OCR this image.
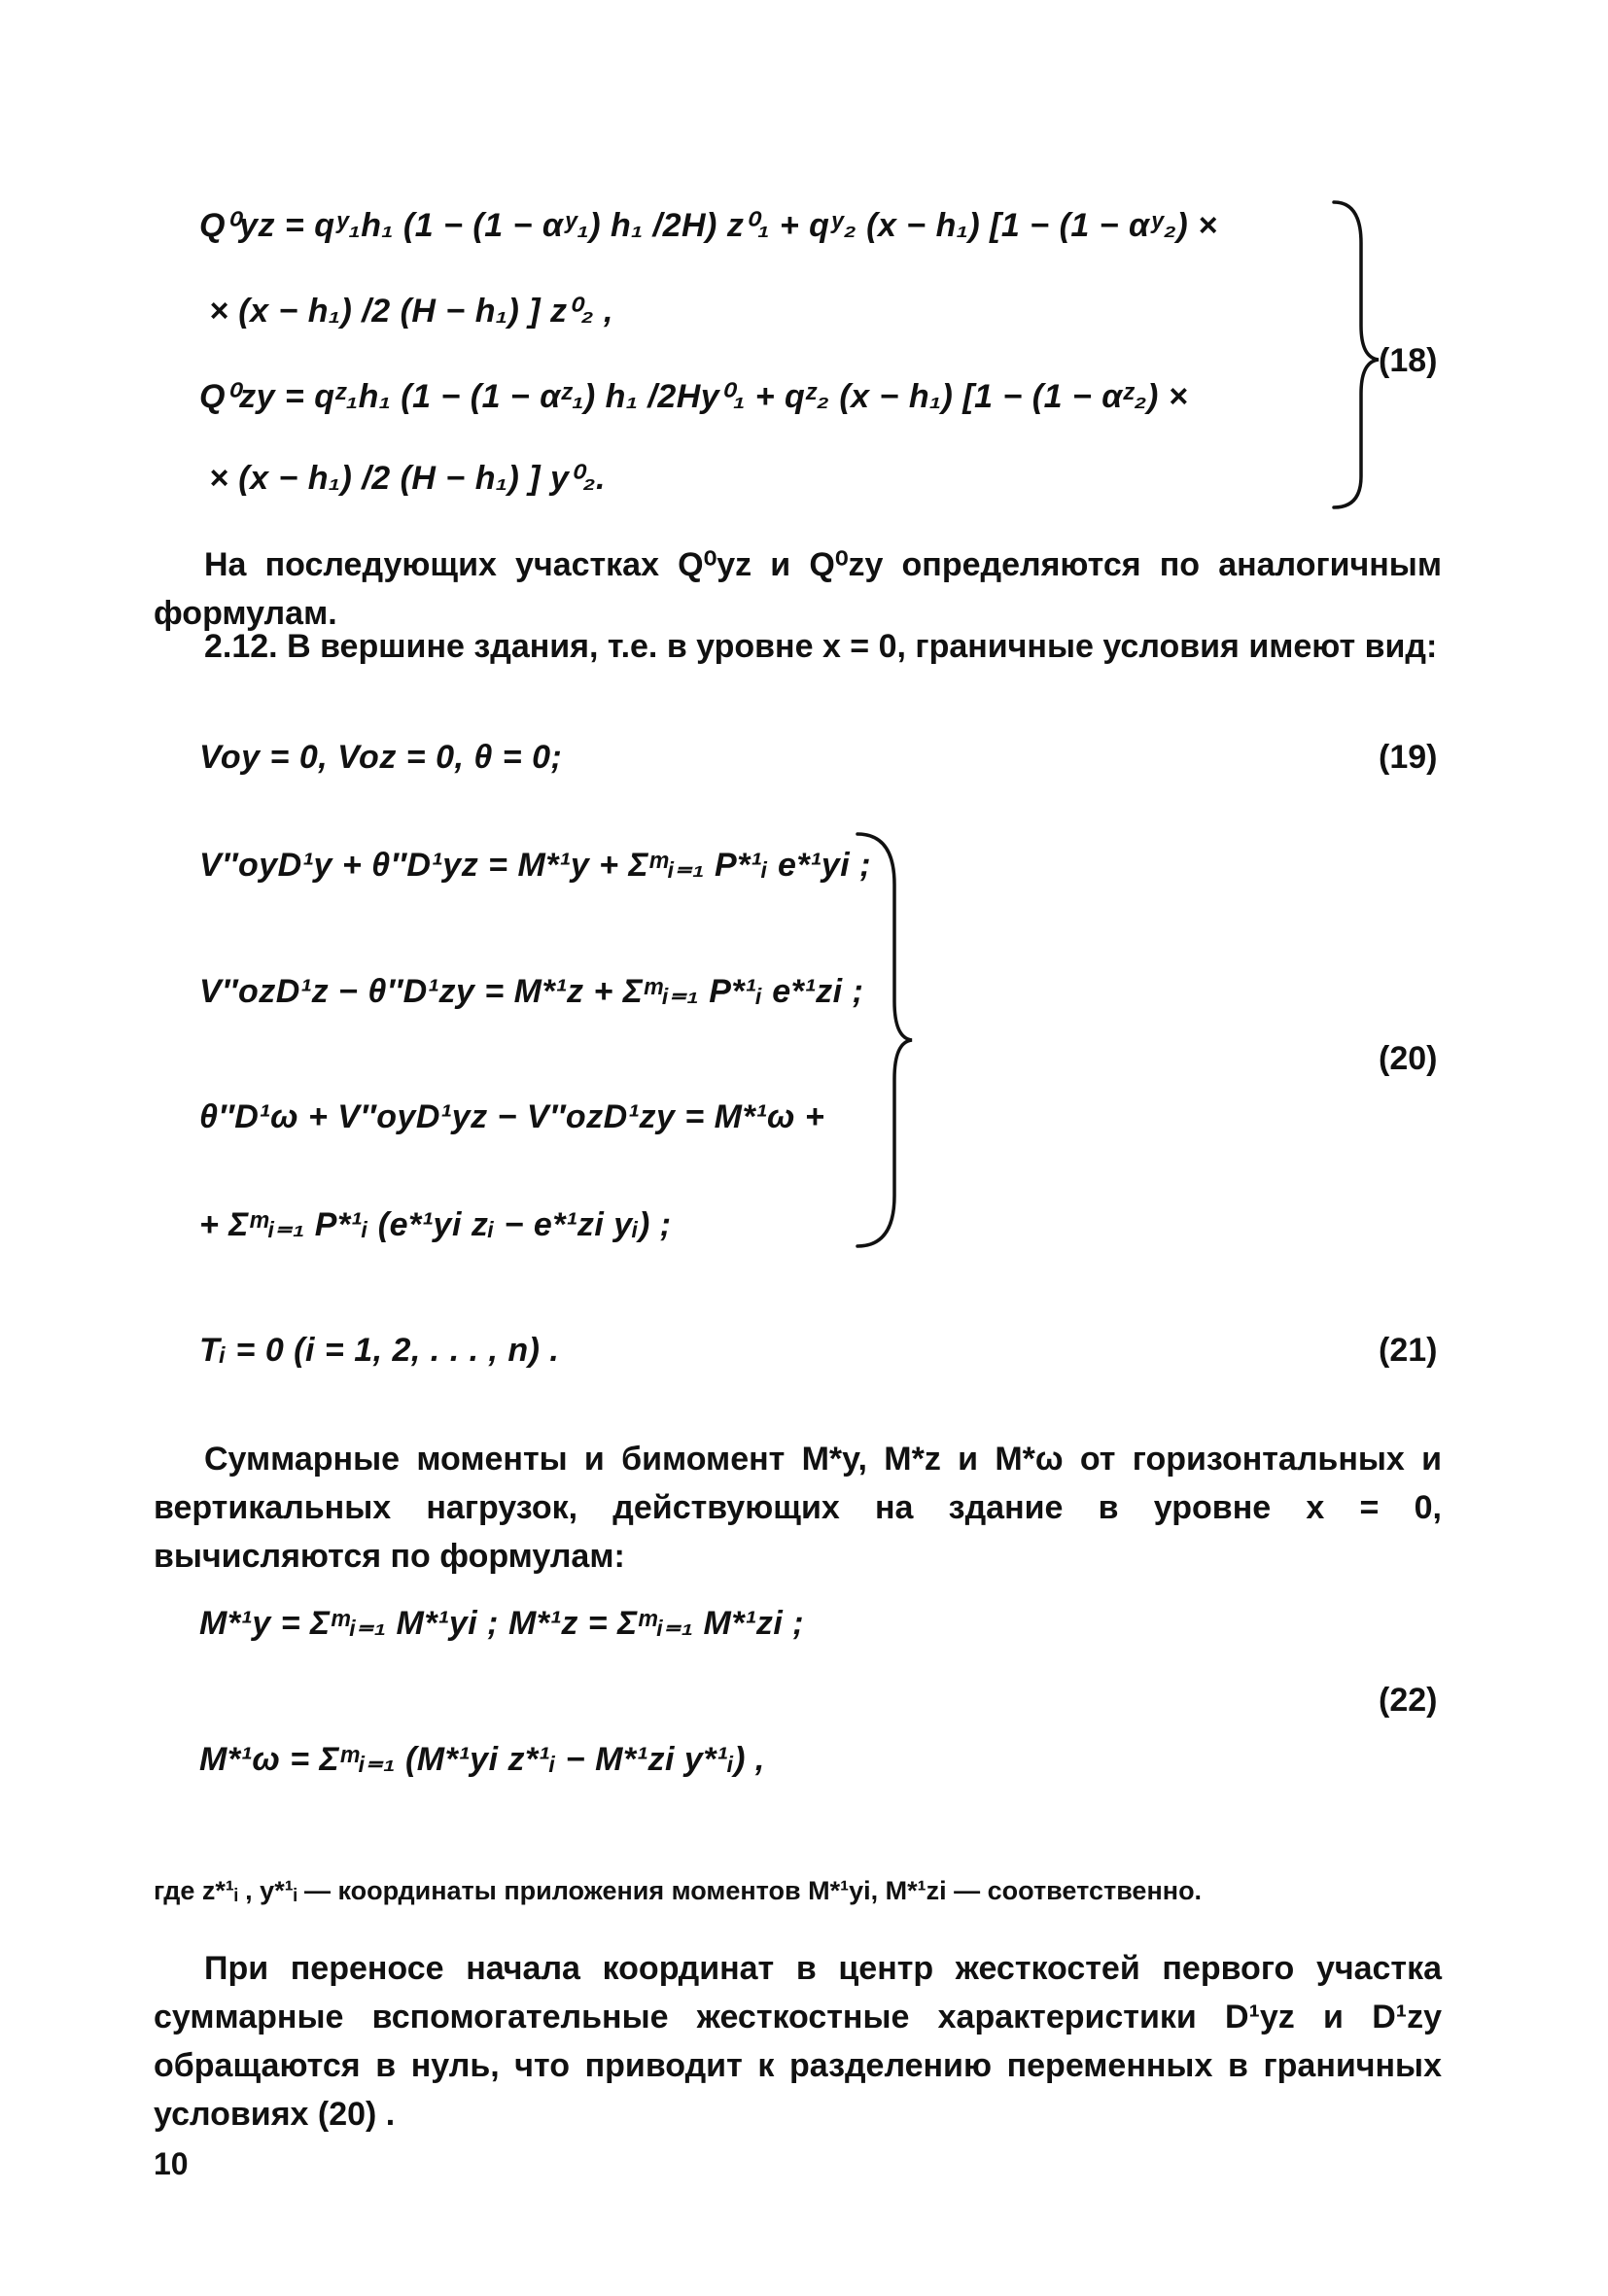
Q⁰yz = qʸ₁h₁ (1 − (1 − αʸ₁) h₁ /2H) z⁰₁ + qʸ₂ (x − h₁) [1 − (1 − αʸ₂) ×
× (x − h₁) /2 (H − h₁) ] z⁰₂ ,
Q⁰zy = qᶻ₁h₁ (1 − (1 − αᶻ₁) h₁ /2Hy⁰₁ + qᶻ₂ (x − h₁) [1 − (1 − αᶻ₂) ×
× (x − h₁) /2 (H − h₁) ] y⁰₂.
(18)
На последующих участках Q⁰yz и Q⁰zy определяются по аналогичным формулам.
2.12. В вершине здания, т.е. в уровне x = 0, граничные условия имеют вид:
Voy = 0, Voz = 0, θ = 0;	(19)
V″oyD¹y + θ″D¹yz = M*¹y + Σᵐᵢ₌₁ P*¹ᵢ e*¹yi ;
V″ozD¹z − θ″D¹zy = M*¹z + Σᵐᵢ₌₁ P*¹ᵢ e*¹zi ;
θ″D¹ω + V″oyD¹yz − V″ozD¹zy = M*¹ω +
+ Σᵐᵢ₌₁ P*¹ᵢ (e*¹yi zᵢ − e*¹zi yᵢ) ;
(20)
Tᵢ = 0 (i = 1, 2, . . . , n) .	(21)
Суммарные моменты и бимомент M*y, M*z и M*ω от горизонтальных и вертикальных нагрузок, действующих на здание в уровне x = 0, вычисляются по формулам:
M*¹y = Σᵐᵢ₌₁ M*¹yi ; M*¹z = Σᵐᵢ₌₁ M*¹zi ;
M*¹ω = Σᵐᵢ₌₁ (M*¹yi z*¹ᵢ − M*¹zi y*¹ᵢ) ,
(22)
где z*¹ᵢ , y*¹ᵢ — координаты приложения моментов M*¹yi, M*¹zi — соответственно.
При переносе начала координат в центр жесткостей первого участка суммарные вспомогательные жесткостные характеристики D¹yz и D¹zy обращаются в нуль, что приводит к разделению переменных в граничных условиях (20) .
10
